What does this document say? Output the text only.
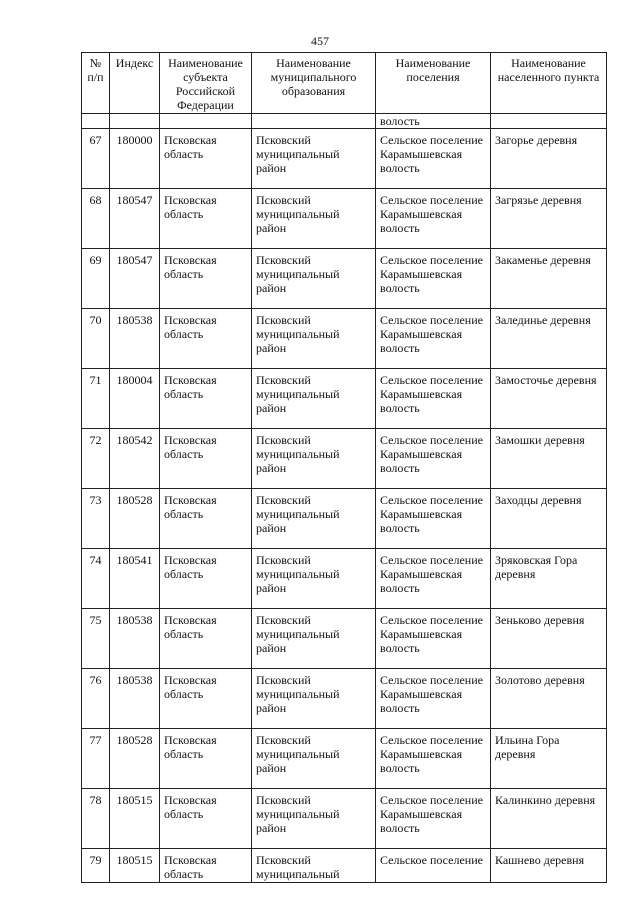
457
№ п/п	Индекс	Наименование субъекта Российской Федерации	Наименование муниципального образования	Наименование поселения	Наименование населенного пункта
				волость	
67	180000	Псковская область	Псковский муниципальный район	Сельское поселение Карамышевская волость	Загорье деревня
68	180547	Псковская область	Псковский муниципальный район	Сельское поселение Карамышевская волость	Загрязье деревня
69	180547	Псковская область	Псковский муниципальный район	Сельское поселение Карамышевская волость	Закаменье деревня
70	180538	Псковская область	Псковский муниципальный район	Сельское поселение Карамышевская волость	Залединье деревня
71	180004	Псковская область	Псковский муниципальный район	Сельское поселение Карамышевская волость	Замосточье деревня
72	180542	Псковская область	Псковский муниципальный район	Сельское поселение Карамышевская волость	Замошки деревня
73	180528	Псковская область	Псковский муниципальный район	Сельское поселение Карамышевская волость	Заходцы деревня
74	180541	Псковская область	Псковский муниципальный район	Сельское поселение Карамышевская волость	Зряковская Гора деревня
75	180538	Псковская область	Псковский муниципальный район	Сельское поселение Карамышевская волость	Зеньково деревня
76	180538	Псковская область	Псковский муниципальный район	Сельское поселение Карамышевская волость	Золотово деревня
77	180528	Псковская область	Псковский муниципальный район	Сельское поселение Карамышевская волость	Ильина Гора деревня
78	180515	Псковская область	Псковский муниципальный район	Сельское поселение Карамышевская волость	Калинкино деревня
79	180515	Псковская область	Псковский муниципальный	Сельское поселение	Кашнево деревня
